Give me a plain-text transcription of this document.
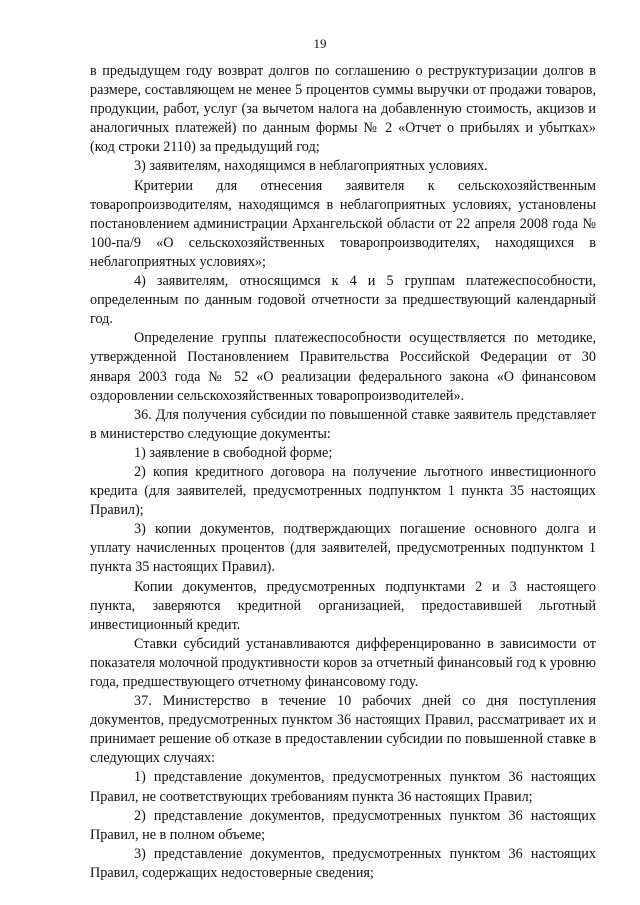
19

в предыдущем году возврат долгов по соглашению о реструктуризации долгов в размере, составляющем не менее 5 процентов суммы выручки от продажи товаров, продукции, работ, услуг (за вычетом налога на добавленную стоимость, акцизов и аналогичных платежей) по данным формы № 2 «Отчет о прибылях и убытках» (код строки 2110) за предыдущий год;

3) заявителям, находящимся в неблагоприятных условиях.

Критерии для отнесения заявителя к сельскохозяйственным товаропроизводителям, находящимся в неблагоприятных условиях, установлены постановлением администрации Архангельской области от 22 апреля 2008 года № 100-па/9 «О сельскохозяйственных товаропроизводителях, находящихся в неблагоприятных условиях»;

4) заявителям, относящимся к 4 и 5 группам платежеспособности, определенным по данным годовой отчетности за предшествующий календарный год.

Определение группы платежеспособности осуществляется по методике, утвержденной Постановлением Правительства Российской Федерации от 30 января 2003 года № 52 «О реализации федерального закона «О финансовом оздоровлении сельскохозяйственных товаропроизводителей».

36. Для получения субсидии по повышенной ставке заявитель представляет в министерство следующие документы:

1) заявление в свободной форме;

2) копия кредитного договора на получение льготного инвестиционного кредита (для заявителей, предусмотренных подпунктом 1 пункта 35 настоящих Правил);

3) копии документов, подтверждающих погашение основного долга и уплату начисленных процентов (для заявителей, предусмотренных подпунктом 1 пункта 35 настоящих Правил).

Копии документов, предусмотренных подпунктами 2 и 3 настоящего пункта, заверяются кредитной организацией, предоставившей льготный инвестиционный кредит.

Ставки субсидий устанавливаются дифференцированно в зависимости от показателя молочной продуктивности коров за отчетный финансовый год к уровню года, предшествующего отчетному финансовому году.

37. Министерство в течение 10 рабочих дней со дня поступления документов, предусмотренных пунктом 36 настоящих Правил, рассматривает их и принимает решение об отказе в предоставлении субсидии по повышенной ставке в следующих случаях:

1) представление документов, предусмотренных пунктом 36 настоящих Правил, не соответствующих требованиям пункта 36 настоящих Правил;

2) представление документов, предусмотренных пунктом 36 настоящих Правил, не в полном объеме;

3) представление документов, предусмотренных пунктом 36 настоящих Правил, содержащих недостоверные сведения;
